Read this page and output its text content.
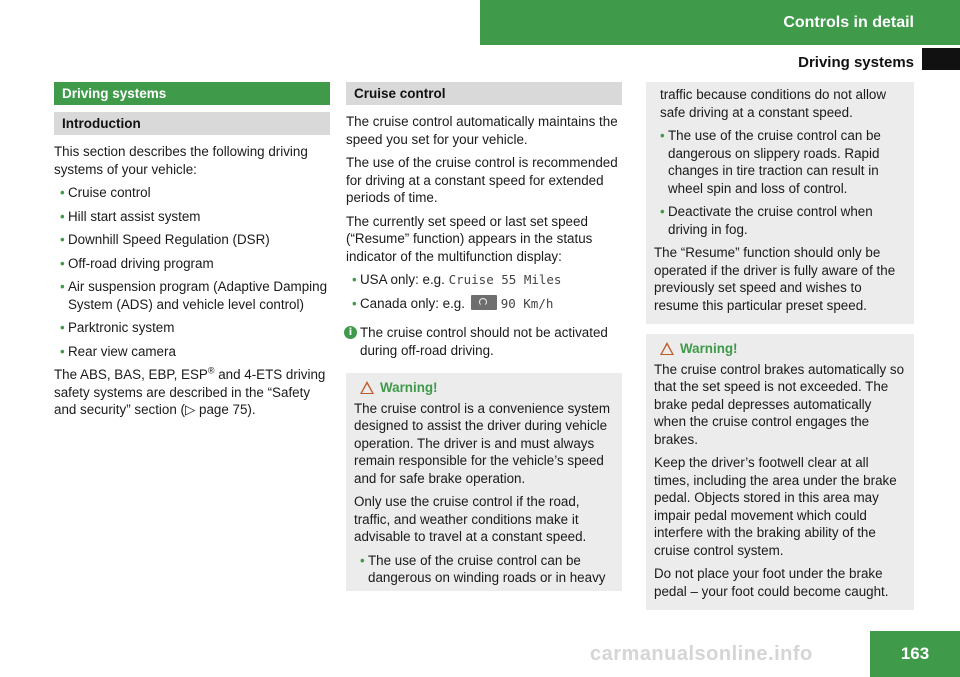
Controls in detail
Driving systems
Driving systems
Introduction

This section describes the following driving systems of your vehicle:

• Cruise control
• Hill start assist system
• Downhill Speed Regulation (DSR)
• Off-road driving program
• Air suspension program (Adaptive Damping System (ADS) and vehicle level control)
• Parktronic system
• Rear view camera

The ABS, BAS, EBP, ESP® and 4-ETS driving safety systems are described in the “Safety and security” section (▷ page 75).

Cruise control

The cruise control automatically maintains the speed you set for your vehicle.

The use of the cruise control is recommended for driving at a constant speed for extended periods of time.

The currently set speed or last set speed (“Resume” function) appears in the status indicator of the multifunction display:

• USA only: e.g. Cruise 55 Miles
• Canada only: e.g.	90 Km/h
i The cruise control should not be activated during off-road driving.
Warning!

The cruise control is a convenience system designed to assist the driver during vehicle operation. The driver is and must always remain responsible for the vehicle’s speed and for safe brake operation.

Only use the cruise control if the road, traffic, and weather conditions make it advisable to travel at a constant speed.

• The use of the cruise control can be dangerous on winding roads or in heavy

traffic because conditions do not allow safe driving at a constant speed.

• The use of the cruise control can be dangerous on slippery roads. Rapid changes in tire traction can result in wheel spin and loss of control.
• Deactivate the cruise control when driving in fog.

The “Resume” function should only be operated if the driver is fully aware of the previously set speed and wishes to resume this particular preset speed.

Warning!

The cruise control brakes automatically so that the set speed is not exceeded. The brake pedal depresses automatically when the cruise control engages the brakes.

Keep the driver’s footwell clear at all times, including the area under the brake pedal. Objects stored in this area may impair pedal movement which could interfere with the braking ability of the cruise control system.

Do not place your foot under the brake pedal – your foot could become caught.

carmanualsonline.info	163
